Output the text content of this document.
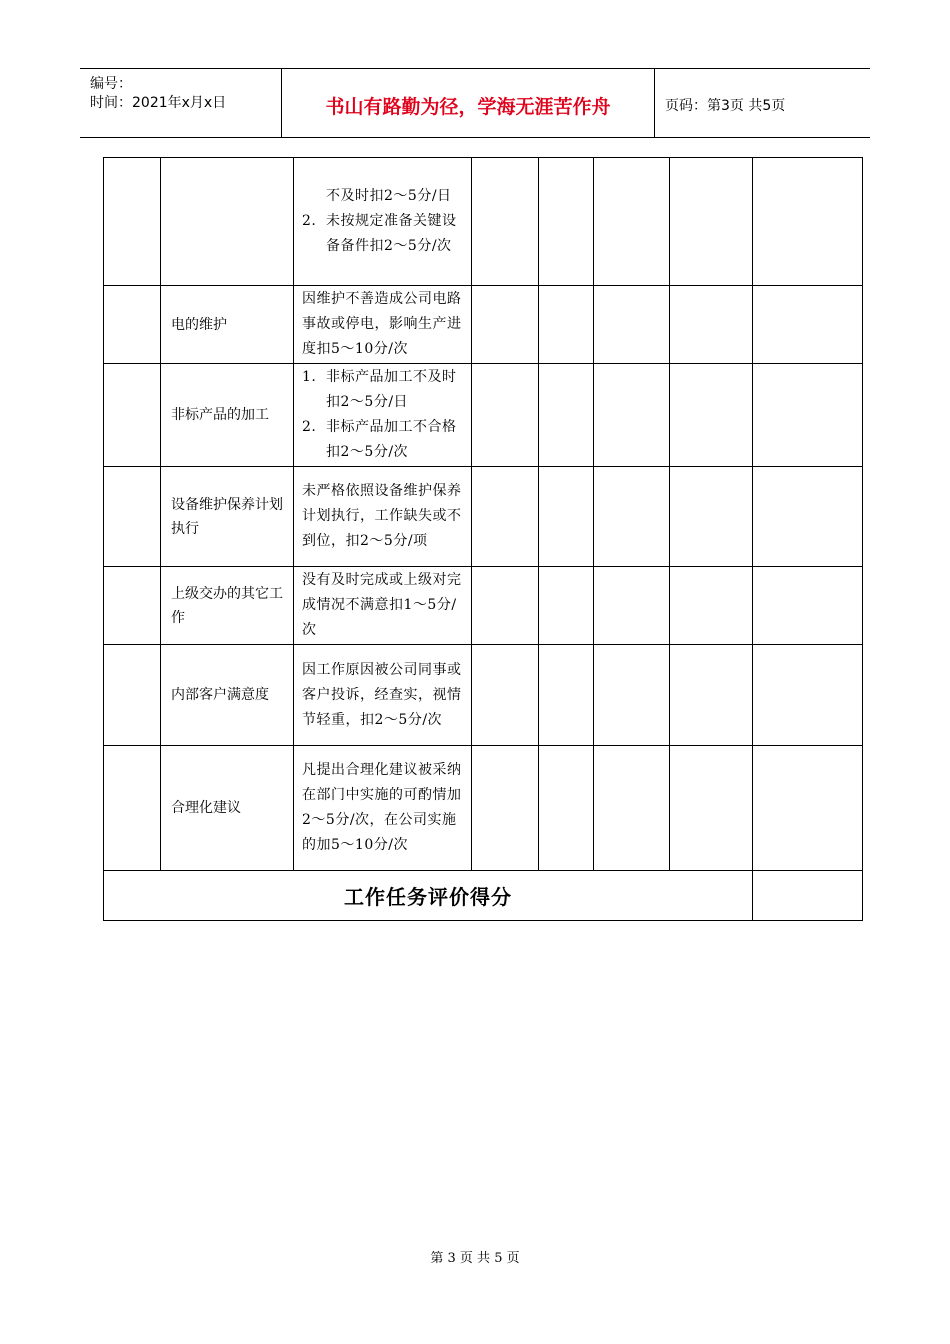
编号：
时间：2021年x月x日	书山有路勤为径，学海无涯苦作舟	页码：第3页 共5页

		不及时扣2～5分/日
2. 未按规定准备关键设备备件扣2～5分/次					

	电的维护	因维护不善造成公司电路事故或停电，影响生产进度扣5～10分/次					
	非标产品的加工	1. 非标产品加工不及时扣2～5分/日
2. 非标产品加工不合格扣2～5分/次					

	设备维护保养计划执行	未严格依照设备维护保养计划执行，工作缺失或不到位，扣2～5分/项					
	上级交办的其它工作	没有及时完成或上级对完成情况不满意扣1～5分/次					
	内部客户满意度	因工作原因被公司同事或客户投诉，经查实，视情节轻重，扣2～5分/次					
	合理化建议	凡提出合理化建议被采纳在部门中实施的可酌情加2～5分/次，在公司实施的加5～10分/次					
工作任务评价得分							
第 3 页 共 5 页
